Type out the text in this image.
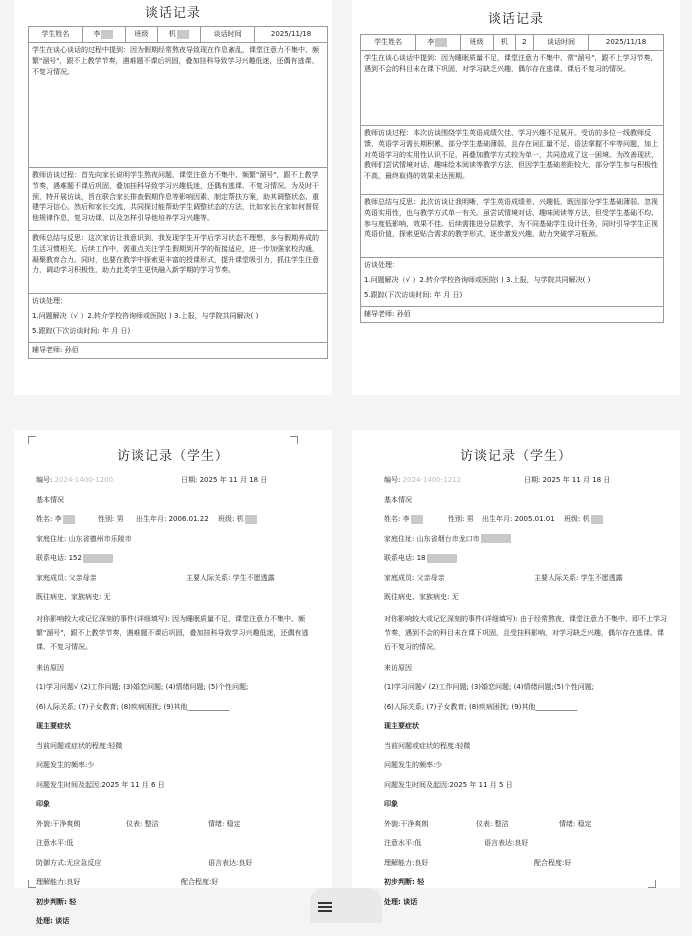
谈话记录
学生姓名	李	班级	机	谈话时间	2025/11/18

学生在谈心谈话的过程中提到：因为假期经常熬夜导致现在作息紊乱，课堂注意力不集中、频繁"溜号"，跟不上教学节奏，遇难题不课后巩固，叠加挂科导致学习兴趣低迷，还偶有逃课、不复习情况。

教师访谈过程：首先向家长说明学生熬夜问题，课堂注意力不集中、频繁"溜号"，跟不上教学节奏，遇难题不课后巩固，叠加挂科导致学习兴趣低迷，还偶有逃课、不复习情况。为及时干预，特开展访谈，旨在联合家长排查假期作息等影响因素，制定帮扶方案，助其调整状态、重建学习信心。然后和家长交流，共同探讨能帮助学生调整状态的方法，比如家长在家如何督促他规律作息，复习功课，以及怎样引导他培养学习兴趣等。

教师总结与反思：这次家访让我意识到，我发现学生开学后学习状态不理想，多与假期养成的生活习惯相关。后续工作中，需重点关注学生假期到开学的衔接适应，进一步加强家校沟通，凝聚教育合力。同时，也要在教学中探索更丰富的授课形式，提升课堂吸引力，抓住学生注意力，调动学习积极性，助力此类学生更快融入新学期的学习节奏。

访谈处理：
1.问题解决（√ ）2.转介学校咨询师或医院( ) 3.上报，与学院共同解决( )
5.跟踪(下次访谈时间: 年 月 日)

辅导老师: 孙佰
谈话记录
学生姓名	李	班级	机	2	谈话时间	2025/11/18

学生在谈心谈话中提到：因为睡眠质量不足，课堂注意力不集中、常"溜号"，跟不上学习节奏，遇到不会的科目未在课下巩固，对学习缺乏兴趣，偶尔存在逃课、课后不复习的情况。

教师访谈过程：本次访谈围绕学生英语成绩欠佳、学习兴趣不足展开。受访的多位一线教师反馈，英语学习需长期积累，部分学生基础薄弱，且存在词汇量不足、语法掌握不牢等问题，加上对英语学习的实用性认识不足，再叠加教学方式较为单一，共同造成了这一困境。为改善现状，教师们尝试情境对话、趣味绘本阅读等教学方法，但因学生基础差距较大、部分学生参与积极性不高，最终取得的效果未达预期。

教师总结与反思：此次访谈让我明晰，学生英语成绩差、兴趣低，既因部分学生基础薄弱、忽视英语实用性，也与教学方式单一有关。虽尝试情境对话、趣味阅读等方法，但受学生基础不均、参与度低影响，效果不佳。后续需推进分层教学，为不同基础学生设计任务，同时引导学生正视英语价值，探索更贴合需求的教学形式，逐步激发兴趣，助力突破学习瓶颈。

访谈处理：
1.问题解决（√ ）2.转介学校咨询师或医院( ) 3.上报，与学院共同解决( )
5.跟踪(下次访谈时间: 年 月 日)

辅导老师: 孙佰
访谈记录（学生）
编号: 2024-1400-1200	日期: 2025 年 11 月 18 日
基本情况
姓名: 李	性别: 男 出生年月: 2006.01.22 班级: 机
家庭住址: 山东省德州市乐陵市
联系电话: 152
家庭成员: 父亲母亲	主要人际关系: 学生不愿透露
既往病史、家族病史: 无
对你影响较大或记忆深刻的事件(详细填写): 因为睡眠质量不足，课堂注意力不集中、频繁"溜号"，跟不上教学节奏，遇难题不课后巩固，叠加挂科导致学习兴趣低迷，还偶有逃课、不复习情况。
来访原因
(1)学习问题√ (2)工作问题; (3)婚恋问题; (4)情绪问题; (5)个性问题;
(6)人际关系; (7)子女教育; (8)疾病困扰; (9)其他____________
现主要症状
当前问题或症状的程度:轻微
问题发生的频率:少
问题发生时间及起因:2025 年 11 月 6 日
印象
外貌:干净爽朗	仪表: 整洁	情绪: 稳定
注意水平:低
防御方式:无应急反应	语言表达:良好
理解能力:良好	配合程度:好
初步判断: 轻
处理: 谈话
访谈记录（学生）
编号: 2024-1400-1212	日期: 2025 年 11 月 18 日
基本情况
姓名: 李	性别: 男 出生年月: 2005.01.01 班级: 机
家庭住址: 山东省烟台市龙口市
联系电话: 18
家庭成员: 父亲母亲	主要人际关系: 学生不愿透露
既往病史、家族病史: 无
对你影响较大或记忆深刻的事件(详细填写): 由于经常熬夜，课堂注意力不集中、即不上学习节奏，遇到不会的科目未在课下巩固，且受挂科影响，对学习缺乏兴趣，偶尔存在逃课、课后不复习的情况。
来访原因
(1)学习问题√ (2)工作问题; (3)婚恋问题; (4)情绪问题;(5)个性问题;
(6)人际关系; (7)子女教育; (8)疾病困扰; (9)其他____________
现主要症状
当前问题或症状的程度:轻微
问题发生的频率:少
问题发生时间及起因:2025 年 11 月 5 日
印象
外貌:干净爽朗	仪表: 整洁	情绪: 稳定
注意水平:低	语言表达:良好
理解能力:良好	配合程度:好
初步判断: 轻
处理: 谈话
